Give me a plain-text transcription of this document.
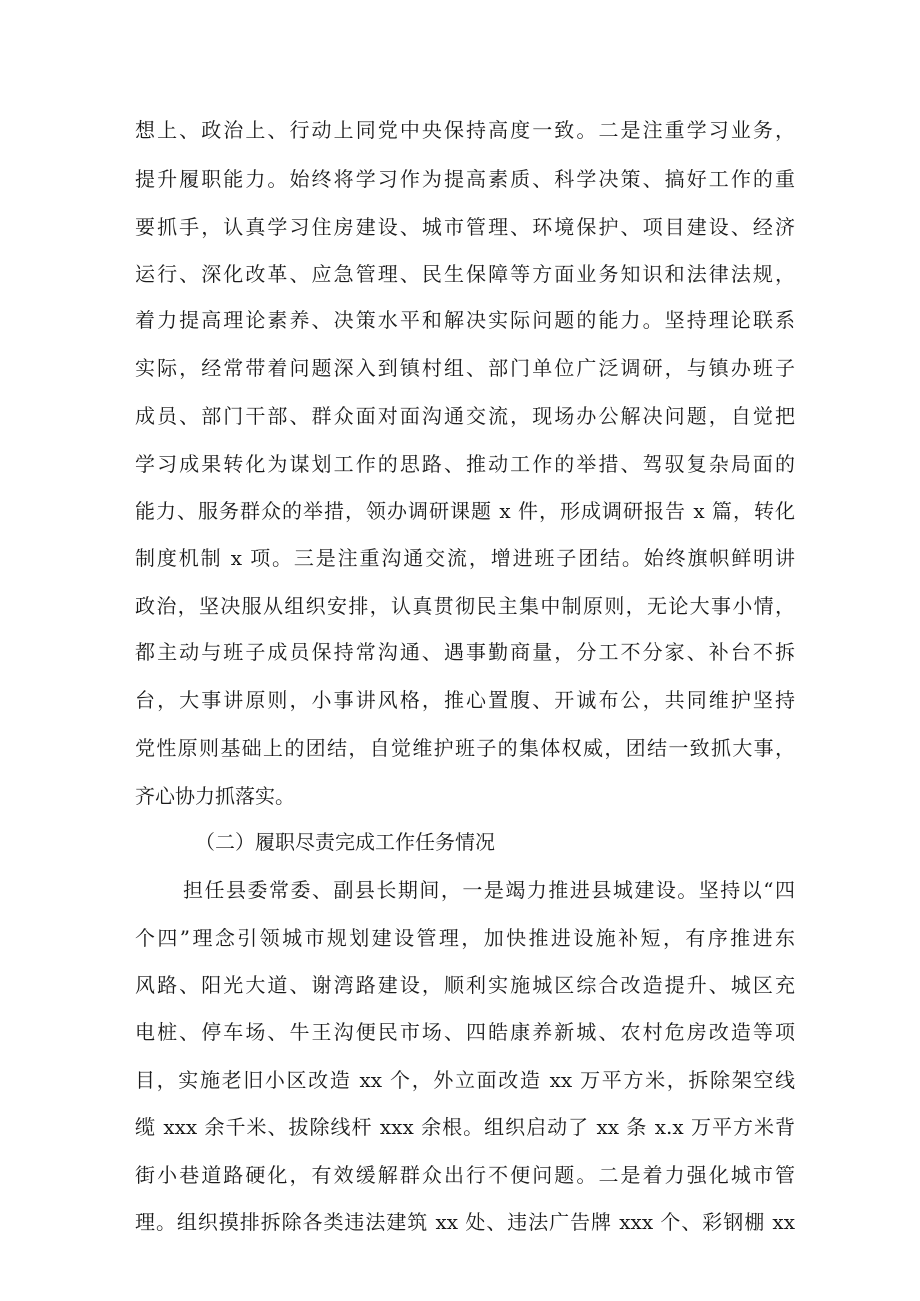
想上、政治上、行动上同党中央保持高度一致。二是注重学习业务，
提升履职能力。始终将学习作为提高素质、科学决策、搞好工作的重
要抓手，认真学习住房建设、城市管理、环境保护、项目建设、经济
运行、深化改革、应急管理、民生保障等方面业务知识和法律法规，
着力提高理论素养、决策水平和解决实际问题的能力。坚持理论联系
实际，经常带着问题深入到镇村组、部门单位广泛调研，与镇办班子
成员、部门干部、群众面对面沟通交流，现场办公解决问题，自觉把
学习成果转化为谋划工作的思路、推动工作的举措、驾驭复杂局面的
能力、服务群众的举措，领办调研课题 x 件，形成调研报告 x 篇，转化
制度机制 x 项。三是注重沟通交流，增进班子团结。始终旗帜鲜明讲
政治，坚决服从组织安排，认真贯彻民主集中制原则，无论大事小情，
都主动与班子成员保持常沟通、遇事勤商量，分工不分家、补台不拆
台，大事讲原则，小事讲风格，推心置腹、开诚布公，共同维护坚持
党性原则基础上的团结，自觉维护班子的集体权威，团结一致抓大事，
齐心协力抓落实。
（二）履职尽责完成工作任务情况
担任县委常委、副县长期间，一是竭力推进县城建设。坚持以“四
个四”理念引领城市规划建设管理，加快推进设施补短，有序推进东
风路、阳光大道、谢湾路建设，顺利实施城区综合改造提升、城区充
电桩、停车场、牛王沟便民市场、四皓康养新城、农村危房改造等项
目，实施老旧小区改造 xx 个，外立面改造 xx 万平方米，拆除架空线
缆 xxx 余千米、拔除线杆 xxx 余根。组织启动了 xx 条 x.x 万平方米背
街小巷道路硬化，有效缓解群众出行不便问题。二是着力强化城市管
理。组织摸排拆除各类违法建筑 xx 处、违法广告牌 xxx 个、彩钢棚 xx
